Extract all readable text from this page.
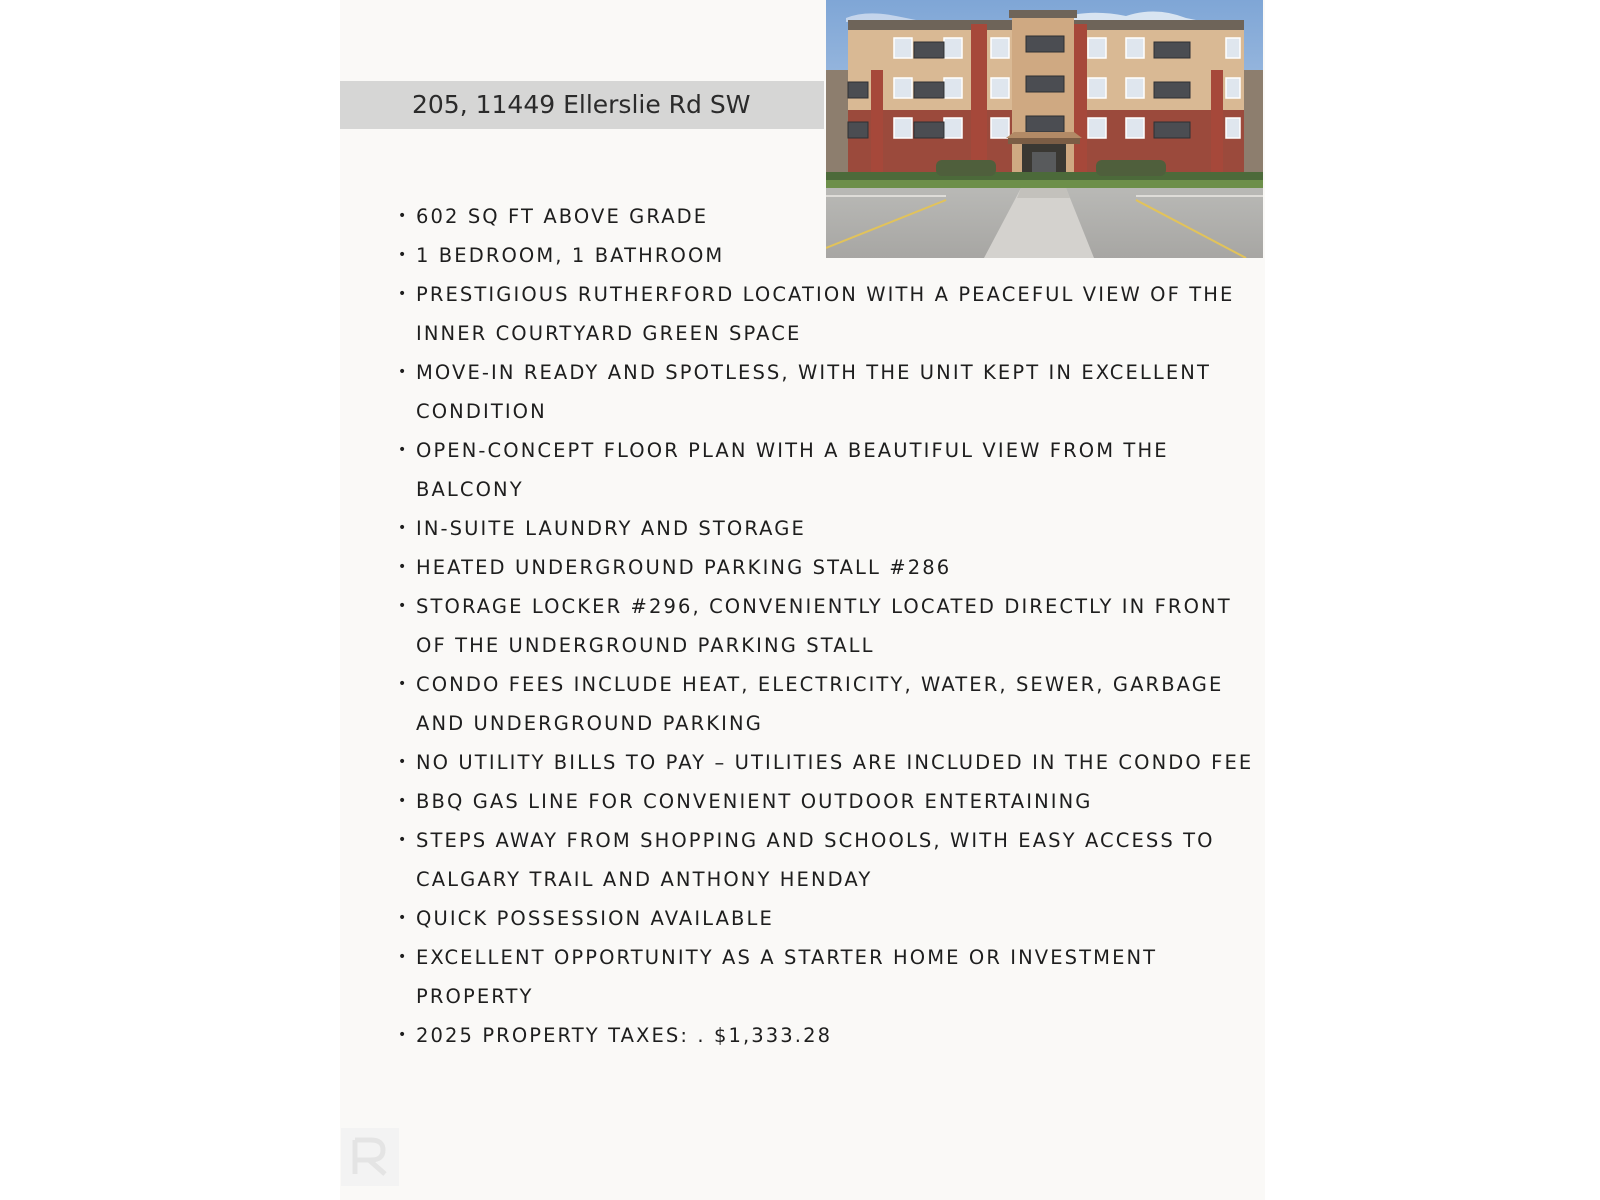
205, 11449 Ellerslie Rd SW
• 602 SQ FT ABOVE GRADE
• 1 BEDROOM, 1 BATHROOM
• PRESTIGIOUS RUTHERFORD LOCATION WITH A PEACEFUL VIEW OF THE INNER COURTYARD GREEN SPACE
• MOVE-IN READY AND SPOTLESS, WITH THE UNIT KEPT IN EXCELLENT CONDITION
• OPEN-CONCEPT FLOOR PLAN WITH A BEAUTIFUL VIEW FROM THE BALCONY
• IN-SUITE LAUNDRY AND STORAGE
• HEATED UNDERGROUND PARKING STALL #286
• STORAGE LOCKER #296, CONVENIENTLY LOCATED DIRECTLY IN FRONT OF THE UNDERGROUND PARKING STALL
• CONDO FEES INCLUDE HEAT, ELECTRICITY, WATER, SEWER, GARBAGE AND UNDERGROUND PARKING
• NO UTILITY BILLS TO PAY – UTILITIES ARE INCLUDED IN THE CONDO FEE
• BBQ GAS LINE FOR CONVENIENT OUTDOOR ENTERTAINING
• STEPS AWAY FROM SHOPPING AND SCHOOLS, WITH EASY ACCESS TO CALGARY TRAIL AND ANTHONY HENDAY
• QUICK POSSESSION AVAILABLE
• EXCELLENT OPPORTUNITY AS A STARTER HOME OR INVESTMENT PROPERTY
• 2025 PROPERTY TAXES: . $1,333.28
